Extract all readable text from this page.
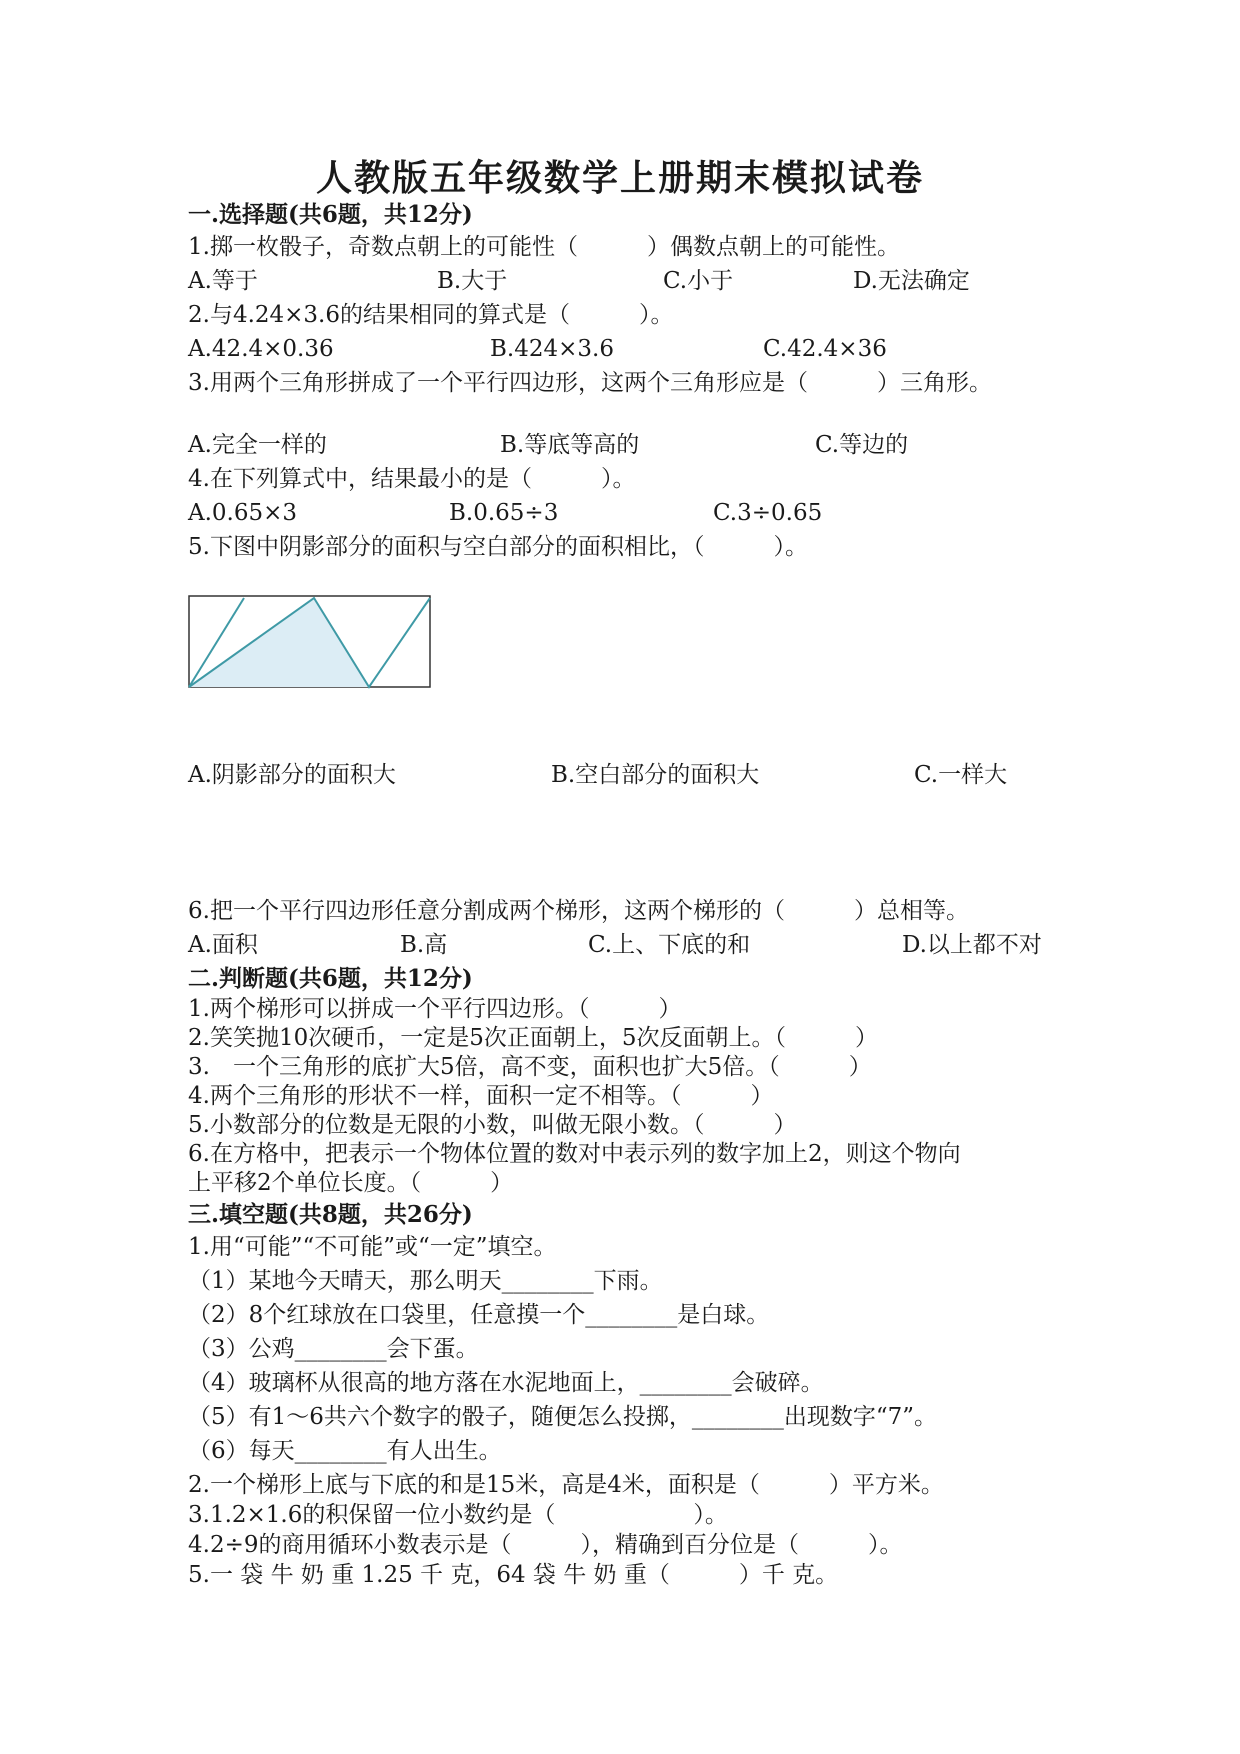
人教版五年级数学上册期末模拟试卷
一.选择题(共6题，共12分)
1.掷一枚骰子，奇数点朝上的可能性（　　　）偶数点朝上的可能性。
A.等于	B.大于	C.小于	D.无法确定
2.与4.24×3.6的结果相同的算式是（　　　）。
A.42.4×0.36	B.424×3.6	C.42.4×36
3.用两个三角形拼成了一个平行四边形，这两个三角形应是（　　　）三角形。
A.完全一样的	B.等底等高的	C.等边的
4.在下列算式中，结果最小的是（　　　）。
A.0.65×3	B.0.65÷3	C.3÷0.65
5.下图中阴影部分的面积与空白部分的面积相比，（　　　）。
A.阴影部分的面积大	B.空白部分的面积大	C.一样大
6.把一个平行四边形任意分割成两个梯形，这两个梯形的（　　　）总相等。
A.面积	B.高	C.上、下底的和	D.以上都不对
二.判断题(共6题，共12分)
1.两个梯形可以拼成一个平行四边形。（　　　）
2.笑笑抛10次硬币，一定是5次正面朝上，5次反面朝上。（　　　）
3.　一个三角形的底扩大5倍，高不变，面积也扩大5倍。（　　　）
4.两个三角形的形状不一样，面积一定不相等。（　　　）
5.小数部分的位数是无限的小数，叫做无限小数。（　　　）
6.在方格中，把表示一个物体位置的数对中表示列的数字加上2，则这个物向
上平移2个单位长度。（　　　）
三.填空题(共8题，共26分)
1.用“可能”“不可能”或“一定”填空。
（1）某地今天晴天，那么明天________下雨。
（2）8个红球放在口袋里，任意摸一个________是白球。
（3）公鸡________会下蛋。
（4）玻璃杯从很高的地方落在水泥地面上，________会破碎。
（5）有1～6共六个数字的骰子，随便怎么投掷，________出现数字“7”。
（6）每天________有人出生。
2.一个梯形上底与下底的和是15米，高是4米，面积是（　　　）平方米。
3.1.2×1.6的积保留一位小数约是（　　　　　　）。
4.2÷9的商用循环小数表示是（　　　），精确到百分位是（　　　）。
5.一 袋 牛 奶 重 1.25 千 克，64 袋 牛 奶 重（　　　）千 克。
